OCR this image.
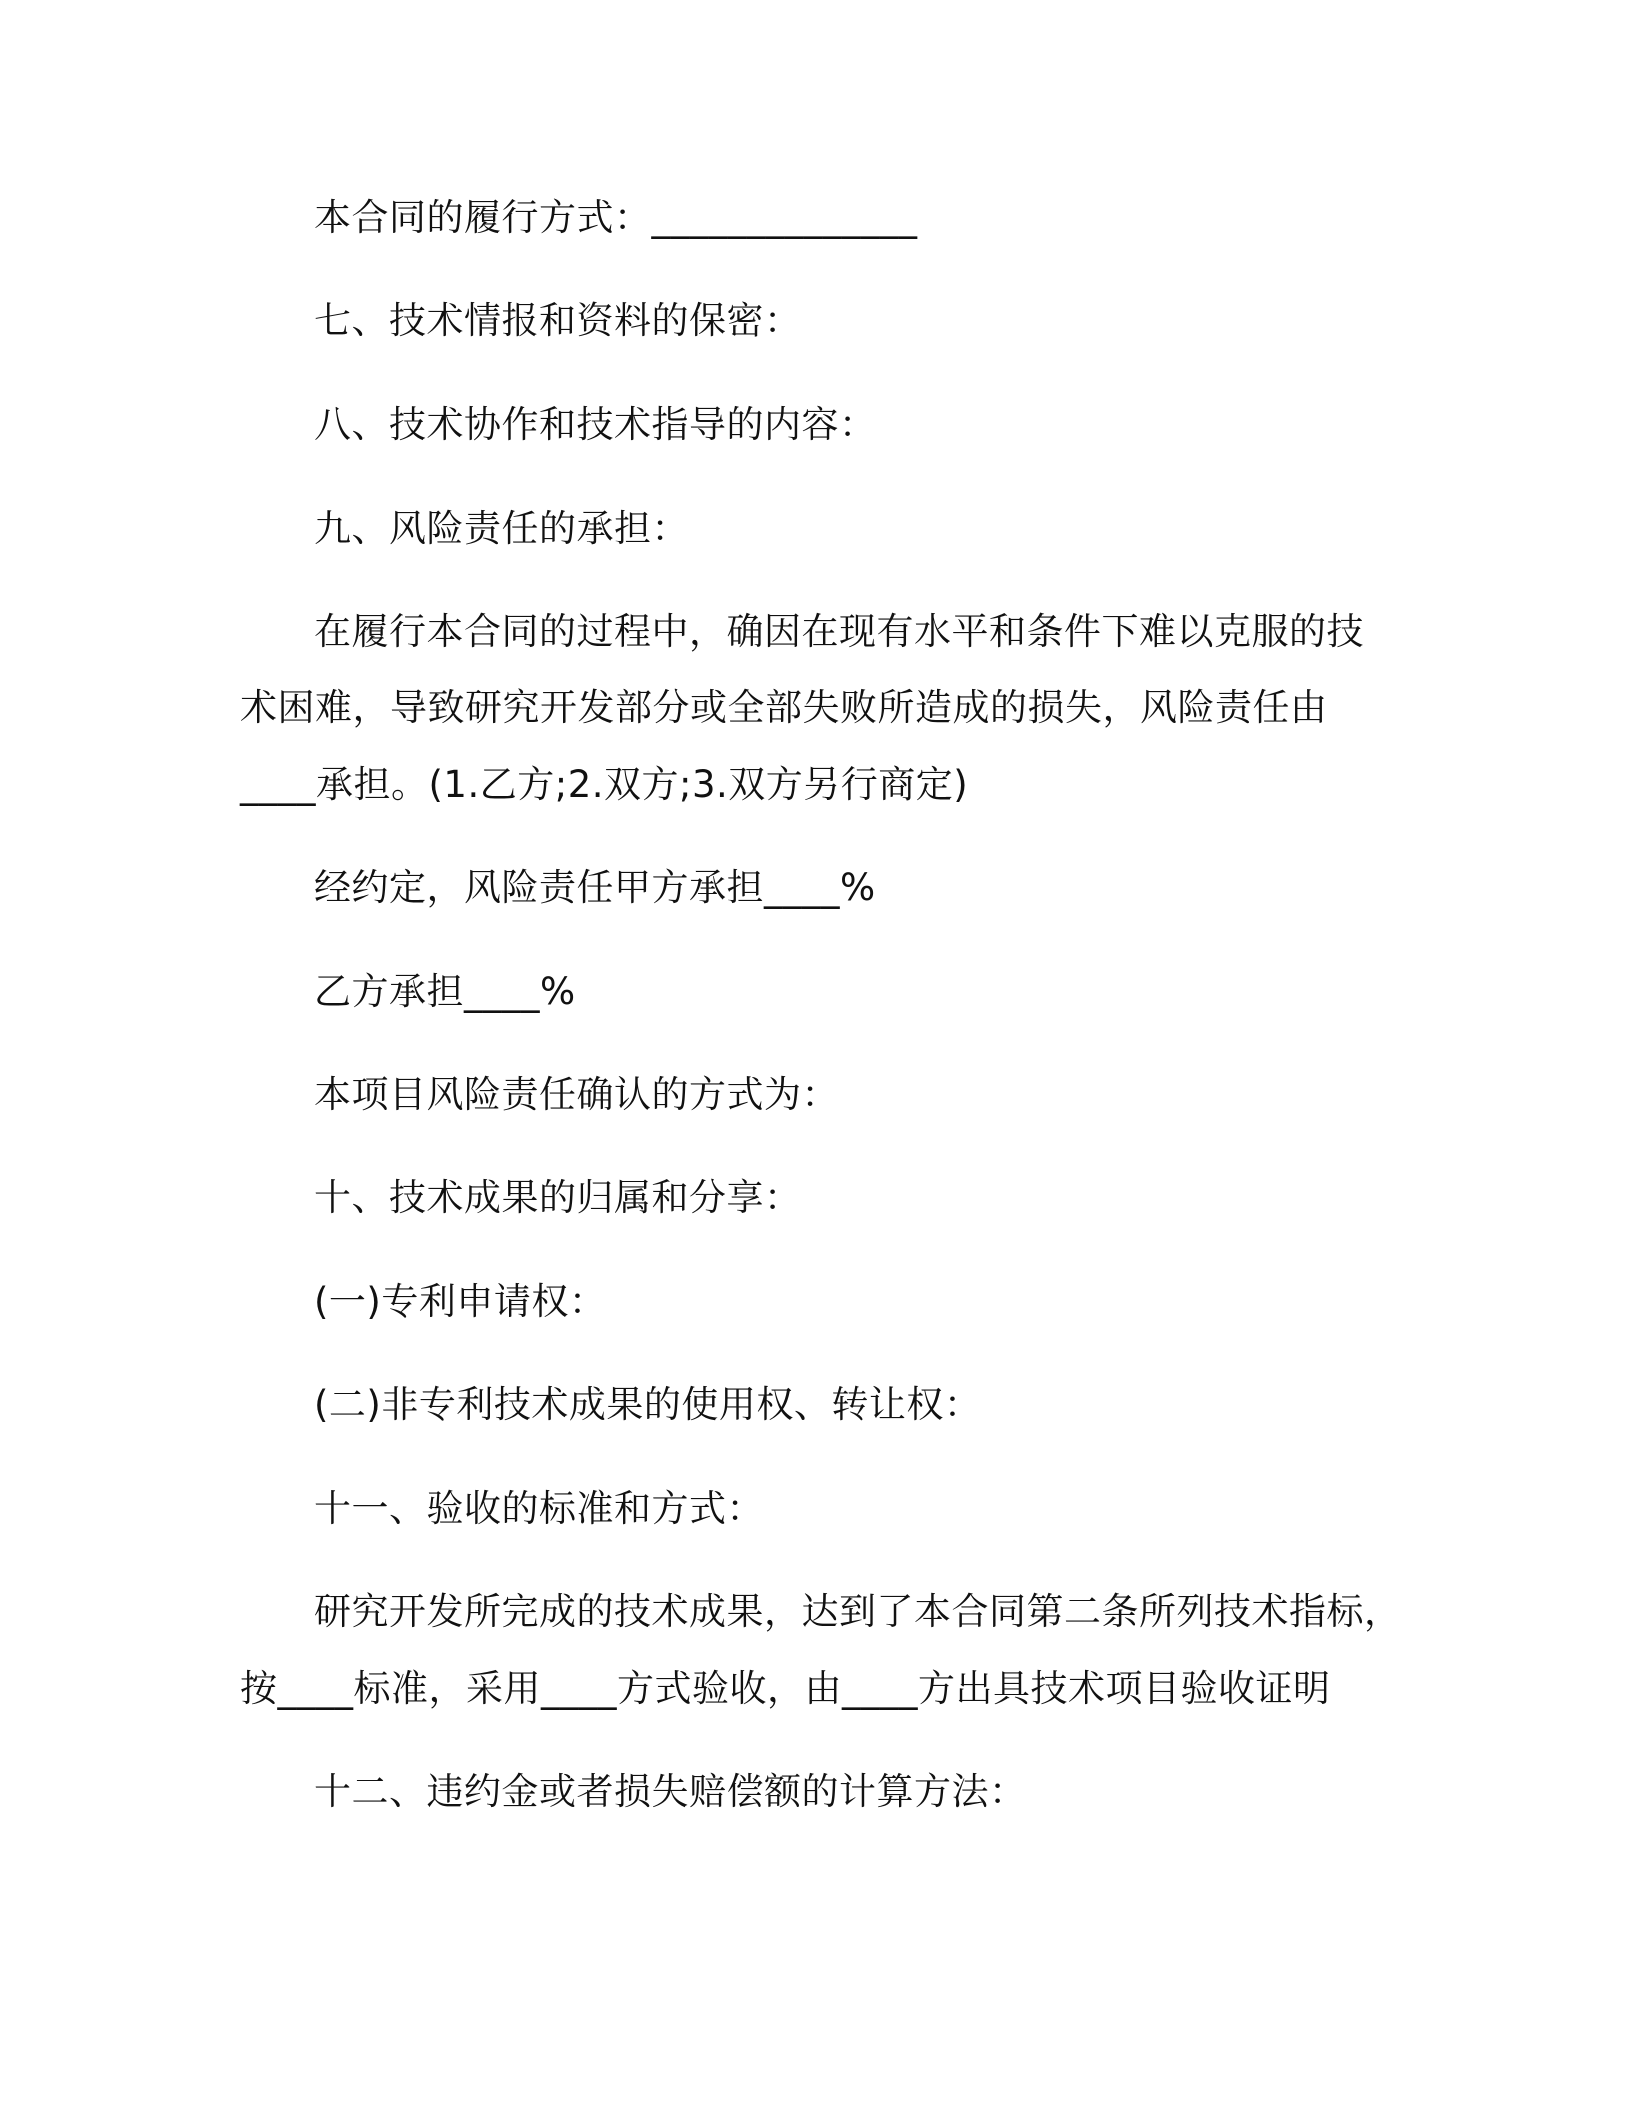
本合同的履行方式：______________
七、技术情报和资料的保密：
八、技术协作和技术指导的内容：
九、风险责任的承担：
在履行本合同的过程中，确因在现有水平和条件下难以克服的技
术困难，导致研究开发部分或全部失败所造成的损失，风险责任由
____承担。(1.乙方;2.双方;3.双方另行商定)
经约定，风险责任甲方承担____%
乙方承担____%
本项目风险责任确认的方式为：
十、技术成果的归属和分享：
(一)专利申请权：
(二)非专利技术成果的使用权、转让权：
十一、验收的标准和方式：
研究开发所完成的技术成果，达到了本合同第二条所列技术指标，
按____标准，采用____方式验收，由____方出具技术项目验收证明
十二、违约金或者损失赔偿额的计算方法：
